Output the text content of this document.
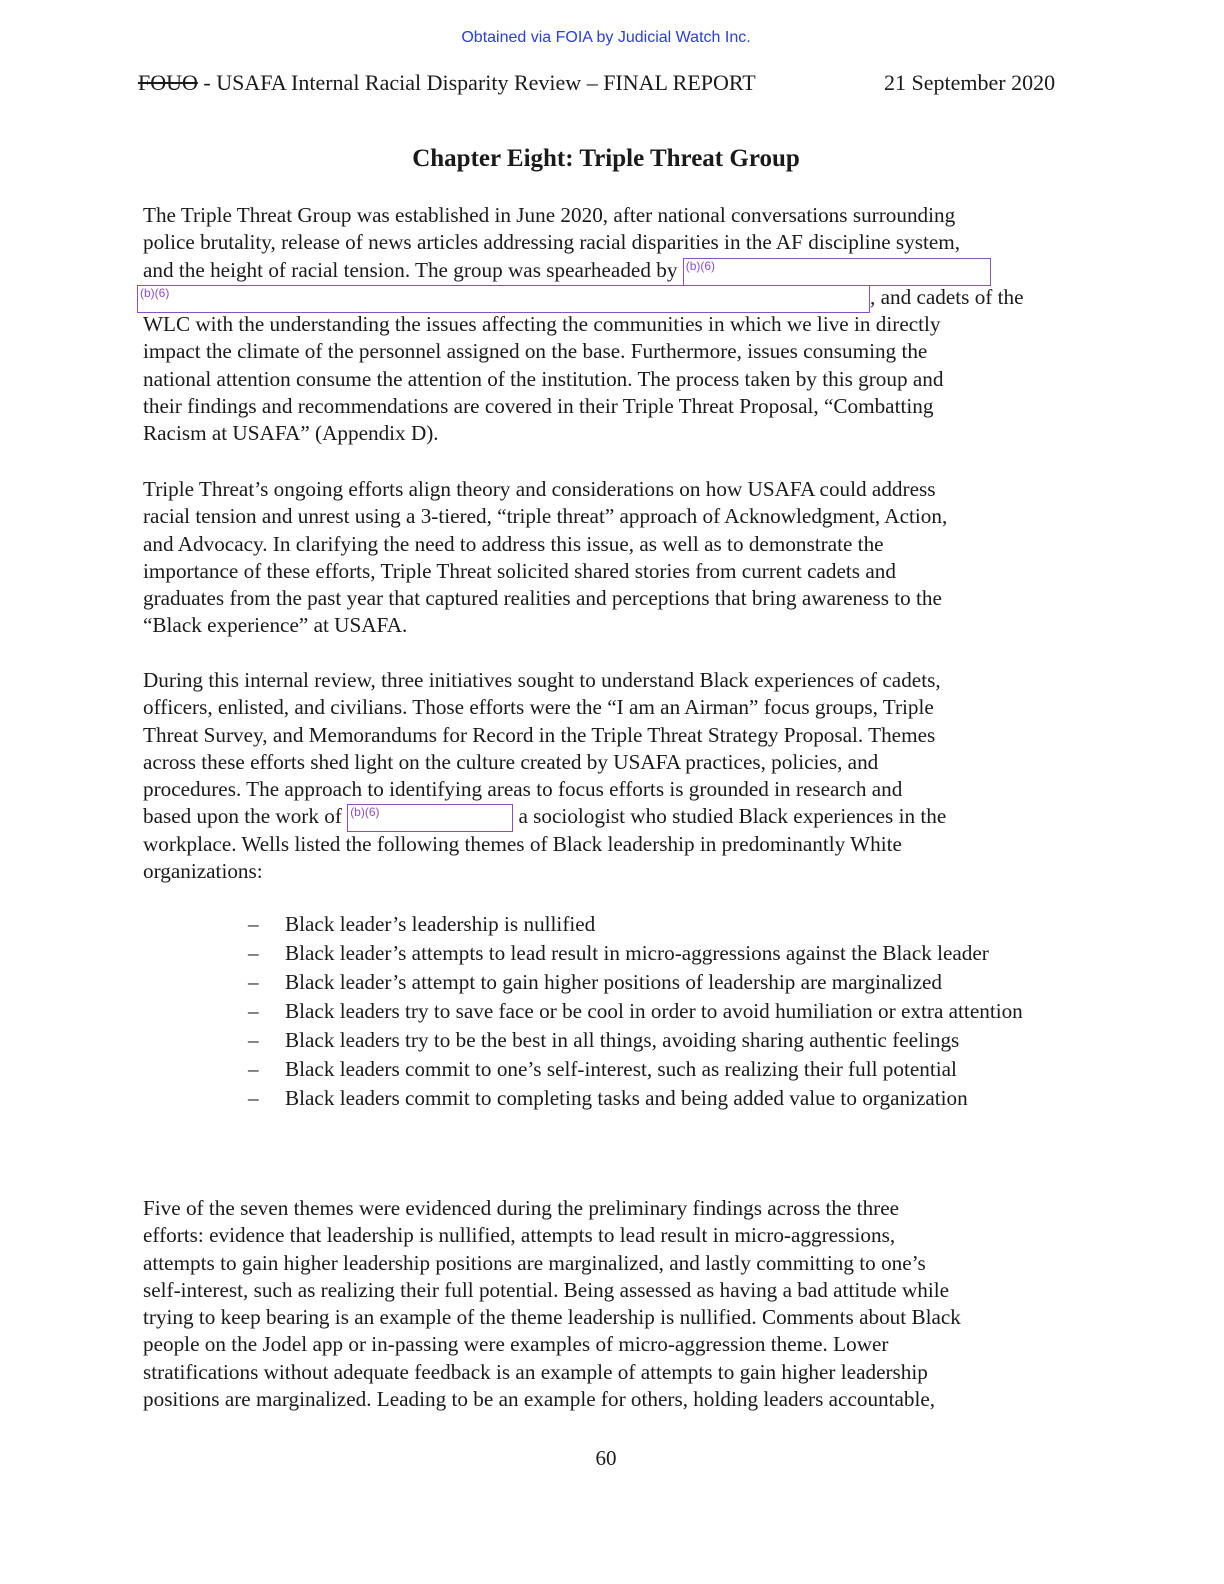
Obtained via FOIA by Judicial Watch Inc.
FOUO - USAFA Internal Racial Disparity Review – FINAL REPORT	21 September 2020
Chapter Eight: Triple Threat Group
The Triple Threat Group was established in June 2020, after national conversations surrounding
police brutality, release of news articles addressing racial disparities in the AF discipline system,
and the height of racial tension. The group was spearheaded by (b)(6)
(b)(6)	, and cadets of the
WLC with the understanding the issues affecting the communities in which we live in directly
impact the climate of the personnel assigned on the base. Furthermore, issues consuming the
national attention consume the attention of the institution. The process taken by this group and
their findings and recommendations are covered in their Triple Threat Proposal, “Combatting
Racism at USAFA” (Appendix D).
Triple Threat’s ongoing efforts align theory and considerations on how USAFA could address
racial tension and unrest using a 3-tiered, “triple threat” approach of Acknowledgment, Action,
and Advocacy. In clarifying the need to address this issue, as well as to demonstrate the
importance of these efforts, Triple Threat solicited shared stories from current cadets and
graduates from the past year that captured realities and perceptions that bring awareness to the
“Black experience” at USAFA.
During this internal review, three initiatives sought to understand Black experiences of cadets,
officers, enlisted, and civilians. Those efforts were the “I am an Airman” focus groups, Triple
Threat Survey, and Memorandums for Record in the Triple Threat Strategy Proposal. Themes
across these efforts shed light on the culture created by USAFA practices, policies, and
procedures. The approach to identifying areas to focus efforts is grounded in research and
based upon the work of (b)(6)	a sociologist who studied Black experiences in the
workplace. Wells listed the following themes of Black leadership in predominantly White
organizations:
– Black leader’s leadership is nullified
– Black leader’s attempts to lead result in micro-aggressions against the Black leader
– Black leader’s attempt to gain higher positions of leadership are marginalized
– Black leaders try to save face or be cool in order to avoid humiliation or extra attention
– Black leaders try to be the best in all things, avoiding sharing authentic feelings
– Black leaders commit to one’s self-interest, such as realizing their full potential
– Black leaders commit to completing tasks and being added value to organization
Five of the seven themes were evidenced during the preliminary findings across the three
efforts: evidence that leadership is nullified, attempts to lead result in micro-aggressions,
attempts to gain higher leadership positions are marginalized, and lastly committing to one’s
self-interest, such as realizing their full potential. Being assessed as having a bad attitude while
trying to keep bearing is an example of the theme leadership is nullified. Comments about Black
people on the Jodel app or in-passing were examples of micro-aggression theme. Lower
stratifications without adequate feedback is an example of attempts to gain higher leadership
positions are marginalized. Leading to be an example for others, holding leaders accountable,
60
